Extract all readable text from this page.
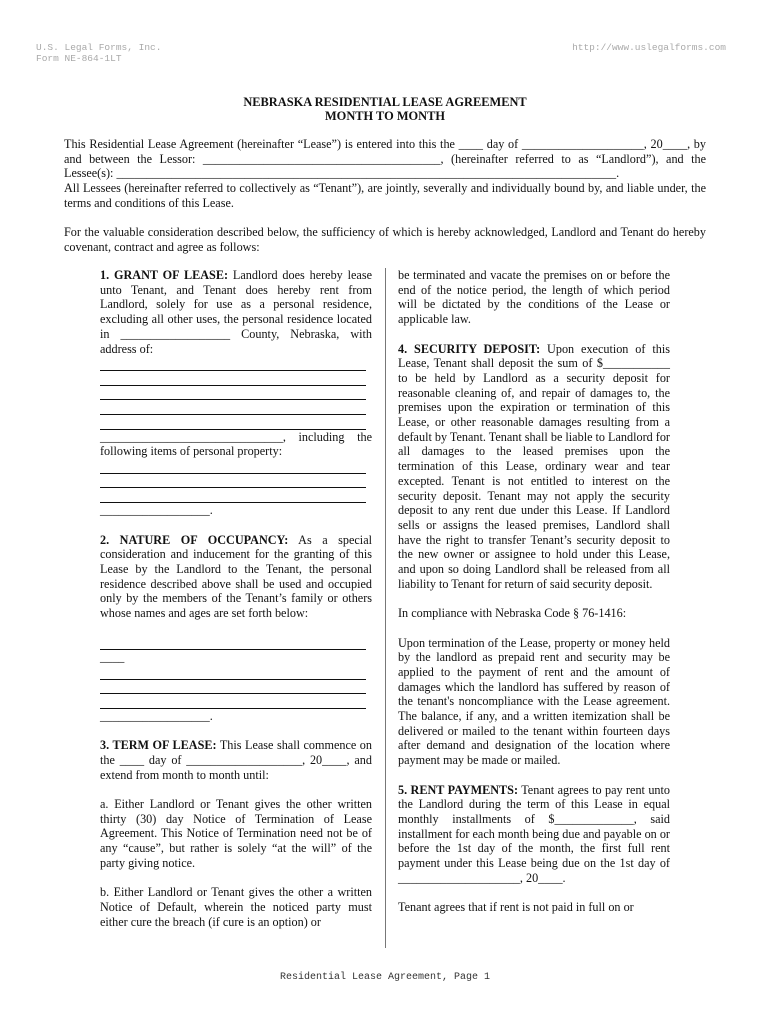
U.S. Legal Forms, Inc.
Form NE-864-1LT
http://www.uslegalforms.com
NEBRASKA RESIDENTIAL LEASE AGREEMENT
MONTH TO MONTH

This Residential Lease Agreement (hereinafter “Lease”) is entered into this the ____ day of ____________________, 20____, by and between the Lessor: _______________________________________, (hereinafter referred to as “Landlord”), and the Lessee(s): __________________________________________________________________________________.
All Lessees (hereinafter referred to collectively as “Tenant”), are jointly, severally and individually bound by, and liable under, the terms and conditions of this Lease.

For the valuable consideration described below, the sufficiency of which is hereby acknowledged, Landlord and Tenant do hereby covenant, contract and agree as follows:

1. GRANT OF LEASE: Landlord does hereby lease unto Tenant, and Tenant does hereby rent from Landlord, solely for use as a personal residence, excluding all other uses, the personal residence located in __________________ County, Nebraska, with address of:

______________________________, including the following items of personal property:

__________________.

2. NATURE OF OCCUPANCY: As a special consideration and inducement for the granting of this Lease by the Landlord to the Tenant, the personal residence described above shall be used and occupied only by the members of the Tenant’s family or others whose names and ages are set forth below:

____

__________________.

3. TERM OF LEASE: This Lease shall commence on the ____ day of ___________________, 20____, and extend from month to month until:

a. Either Landlord or Tenant gives the other written thirty (30) day Notice of Termination of Lease Agreement. This Notice of Termination need not be of any “cause”, but rather is solely “at the will” of the party giving notice.

b. Either Landlord or Tenant gives the other a written Notice of Default, wherein the noticed party must either cure the breach (if cure is an option) or

be terminated and vacate the premises on or before the end of the notice period, the length of which period will be dictated by the conditions of the Lease or applicable law.

4. SECURITY DEPOSIT: Upon execution of this Lease, Tenant shall deposit the sum of $___________ to be held by Landlord as a security deposit for reasonable cleaning of, and repair of damages to, the premises upon the expiration or termination of this Lease, or other reasonable damages resulting from a default by Tenant. Tenant shall be liable to Landlord for all damages to the leased premises upon the termination of this Lease, ordinary wear and tear excepted. Tenant is not entitled to interest on the security deposit. Tenant may not apply the security deposit to any rent due under this Lease. If Landlord sells or assigns the leased premises, Landlord shall have the right to transfer Tenant’s security deposit to the new owner or assignee to hold under this Lease, and upon so doing Landlord shall be released from all liability to Tenant for return of said security deposit.

In compliance with Nebraska Code § 76-1416:

Upon termination of the Lease, property or money held by the landlord as prepaid rent and security may be applied to the payment of rent and the amount of damages which the landlord has suffered by reason of the tenant's noncompliance with the Lease agreement. The balance, if any, and a written itemization shall be delivered or mailed to the tenant within fourteen days after demand and designation of the location where payment may be made or mailed.

5. RENT PAYMENTS: Tenant agrees to pay rent unto the Landlord during the term of this Lease in equal monthly installments of $_____________, said installment for each month being due and payable on or before the 1st day of the month, the first full rent payment under this Lease being due on the 1st day of ____________________, 20____.

Tenant agrees that if rent is not paid in full on or

Residential Lease Agreement, Page 1
